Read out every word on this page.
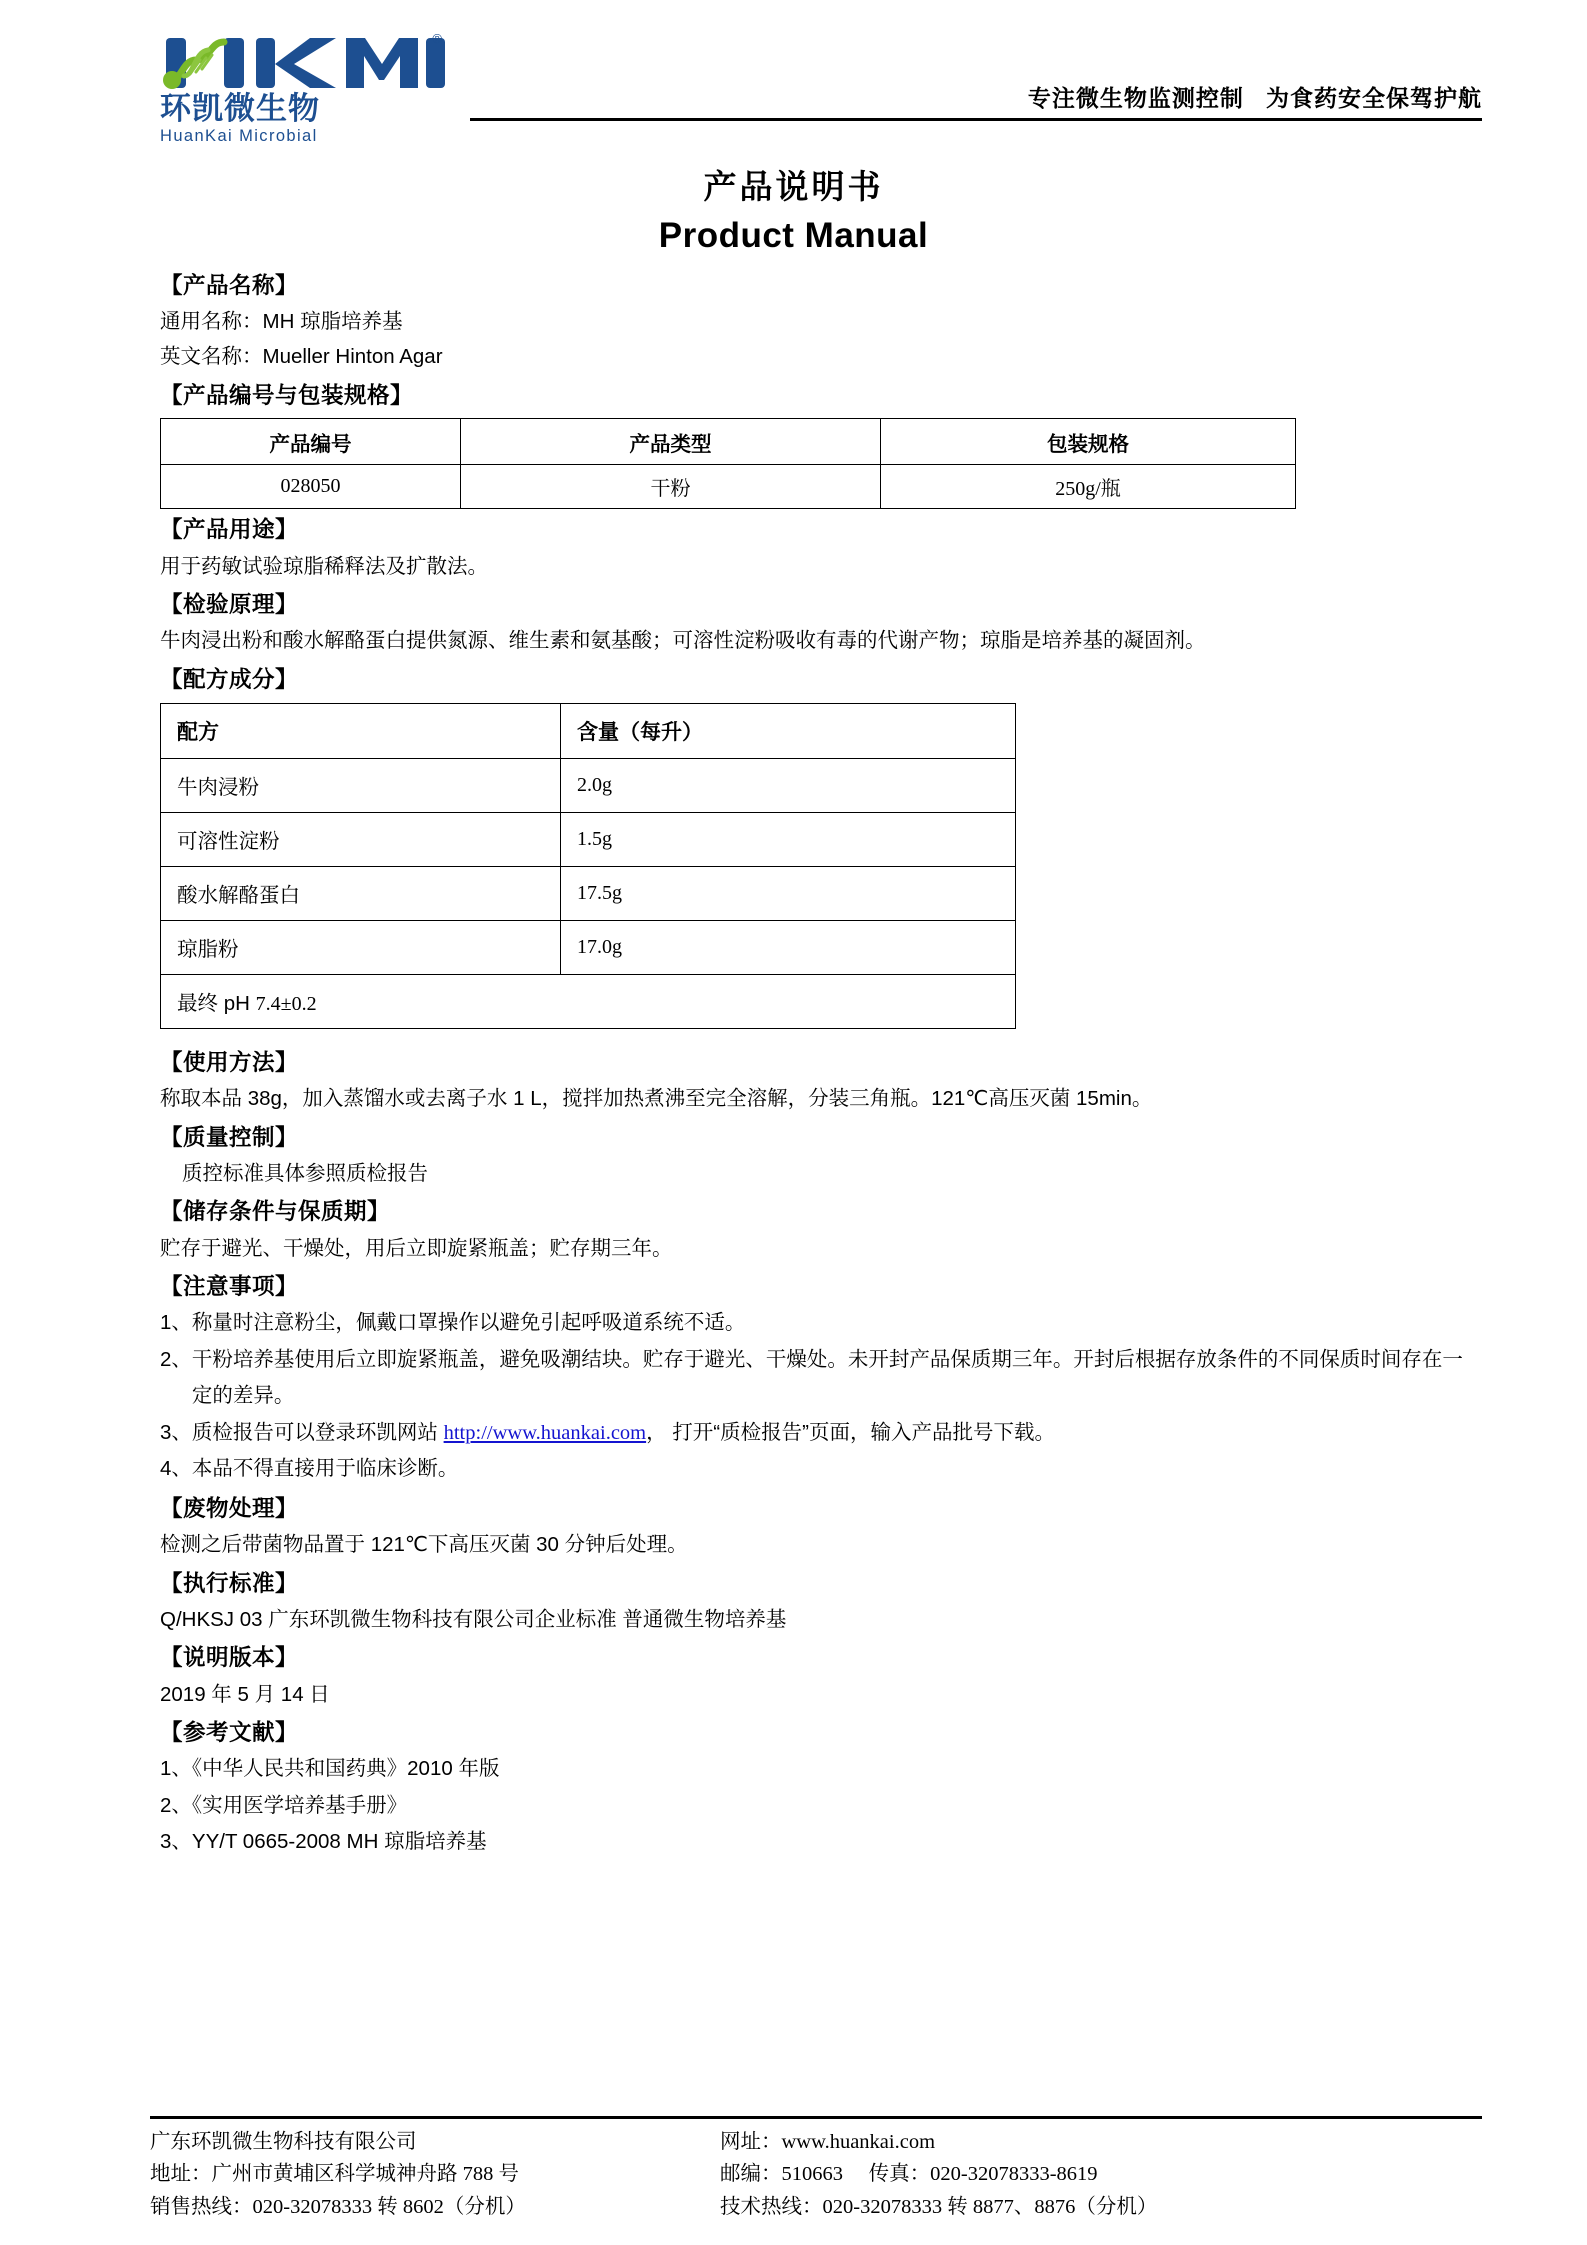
®
环凯微生物
HuanKai Microbial
专注微生物监测控制   为食药安全保驾护航
产品说明书
Product Manual
【产品名称】
通用名称：MH 琼脂培养基
英文名称：Mueller Hinton Agar
【产品编号与包装规格】
产品编号	产品类型	包装规格
028050	干粉	250g/瓶
【产品用途】
用于药敏试验琼脂稀释法及扩散法。
【检验原理】
牛肉浸出粉和酸水解酪蛋白提供氮源、维生素和氨基酸；可溶性淀粉吸收有毒的代谢产物；琼脂是培养基的凝固剂。
【配方成分】
配方	含量（每升）
牛肉浸粉	2.0g
可溶性淀粉	1.5g
酸水解酪蛋白	17.5g
琼脂粉	17.0g
最终 pH 7.4±0.2	
【使用方法】
称取本品 38g，加入蒸馏水或去离子水 1 L，搅拌加热煮沸至完全溶解，分装三角瓶。121℃高压灭菌 15min。
【质量控制】
质控标准具体参照质检报告
【储存条件与保质期】
贮存于避光、干燥处，用后立即旋紧瓶盖；贮存期三年。
【注意事项】
1、称量时注意粉尘，佩戴口罩操作以避免引起呼吸道系统不适。
2、 干粉培养基使用后立即旋紧瓶盖，避免吸潮结块。贮存于避光、干燥处。未开封产品保质期三年。开封后根据存放条件的不同保质时间存在一定的差异。
3、质检报告可以登录环凯网站 http://www.huankai.com， 打开“质检报告”页面，输入产品批号下载。
4、本品不得直接用于临床诊断。
【废物处理】
检测之后带菌物品置于 121℃下高压灭菌 30 分钟后处理。
【执行标准】
Q/HKSJ 03 广东环凯微生物科技有限公司企业标准 普通微生物培养基
【说明版本】
2019 年 5 月 14 日
【参考文献】
1、《中华人民共和国药典》2010 年版
2、《实用医学培养基手册》
3、YY/T 0665-2008 MH 琼脂培养基
广东环凯微生物科技有限公司
地址：广州市黄埔区科学城神舟路 788 号
销售热线：020-32078333 转 8602（分机）
网址：www.huankai.com
邮编：510663     传真：020-32078333-8619
技术热线：020-32078333 转 8877、8876（分机）
